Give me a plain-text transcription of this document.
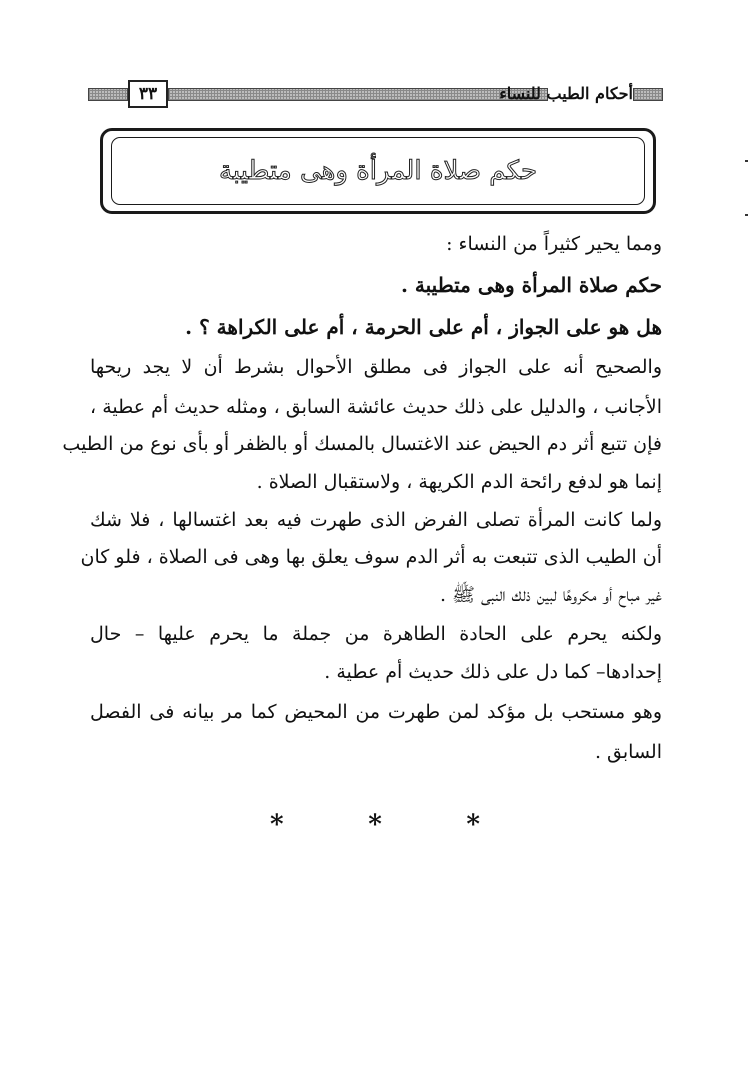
٣٣	أحكام الطيب للنساء
حكم صلاة المرأة وهى متطيبة
ومما يحير كثيراً من النساء :
حكم صلاة المرأة وهى متطيبة .
هل هو على الجواز ، أم على الحرمة ، أم على الكراهة ؟ .
والصحيح أنه على الجواز فى مطلق الأحوال بشرط أن لا يجد ريحها
الأجانب ، والدليل على ذلك حديث عائشة السابق ، ومثله حديث أم عطية ،
فإن تتبع أثر دم الحيض عند الاغتسال بالمسك أو بالظفر أو بأى نوع من الطيب
إنما هو لدفع رائحة الدم الكريهة ، ولاستقبال الصلاة .
ولما كانت المرأة تصلى الفرض الذى طهرت فيه بعد اغتسالها ، فلا شك
أن الطيب الذى تتبعت به أثر الدم سوف يعلق بها وهى فى الصلاة ، فلو كان
غير مباح أو مكروهًا لبين ذلك النبى ﷺ .
ولكنه يحرم على الحادة الطاهرة من جملة ما يحرم عليها – حال
إحدادها– كما دل على ذلك حديث أم عطية .
وهو مستحب بل مؤكد لمن طهرت من المحيض كما مر بيانه فى الفصل
السابق .
*	*	*
